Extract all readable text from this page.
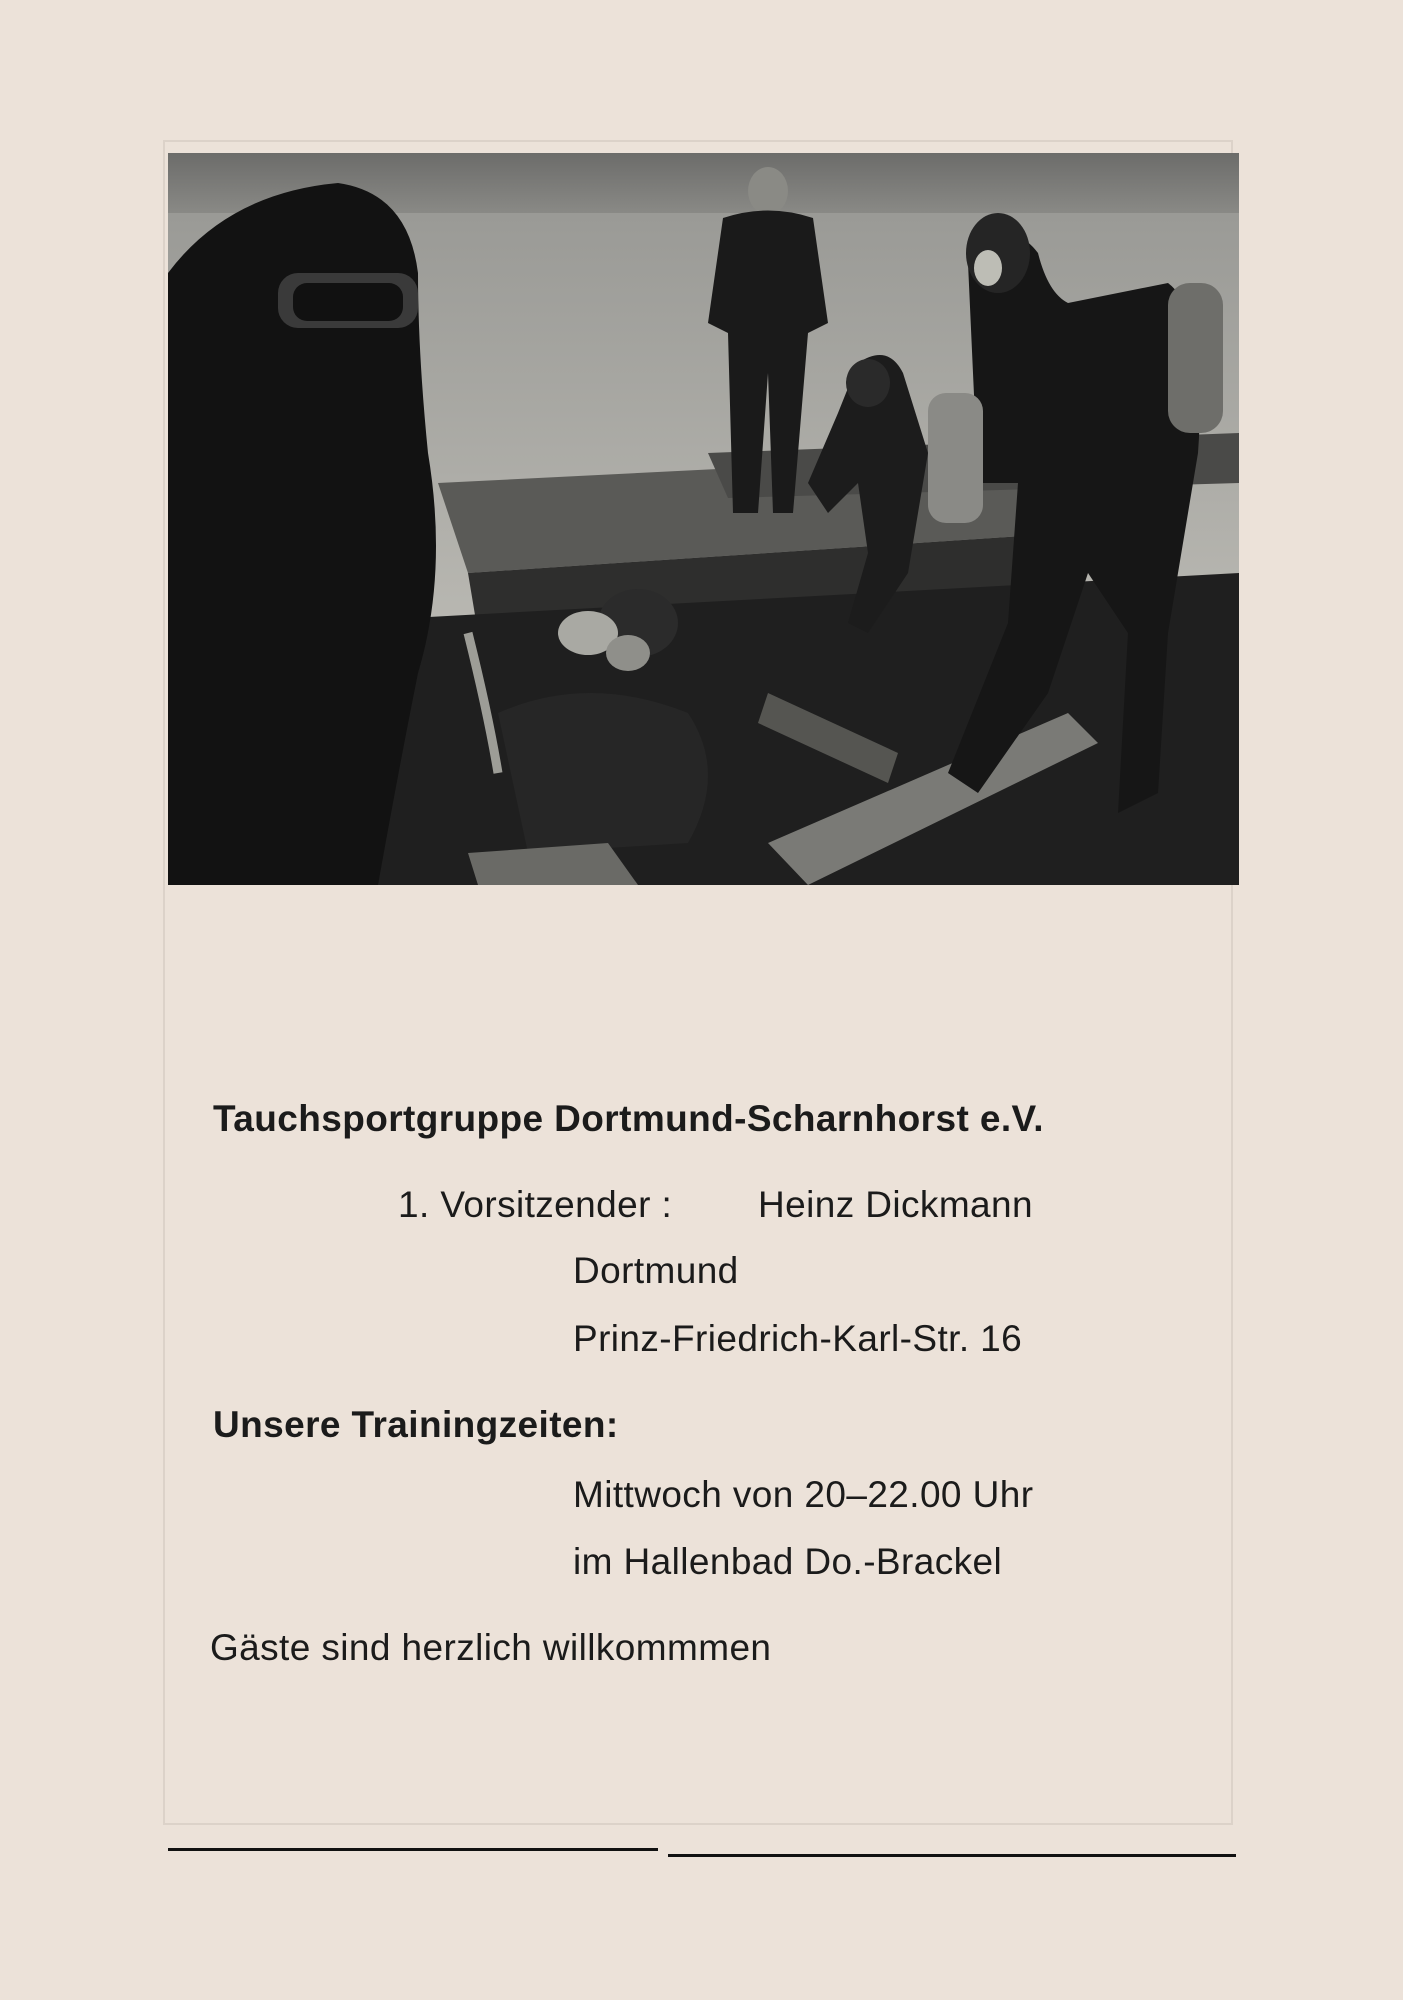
Tauchsportgruppe Dortmund-Scharnhorst e.V.
1. Vorsitzender : Heinz Dickmann
Dortmund
Prinz-Friedrich-Karl-Str. 16
Unsere Trainingzeiten:
Mittwoch von 20–22.00 Uhr
im Hallenbad Do.-Brackel
Gäste sind herzlich willkommmen
